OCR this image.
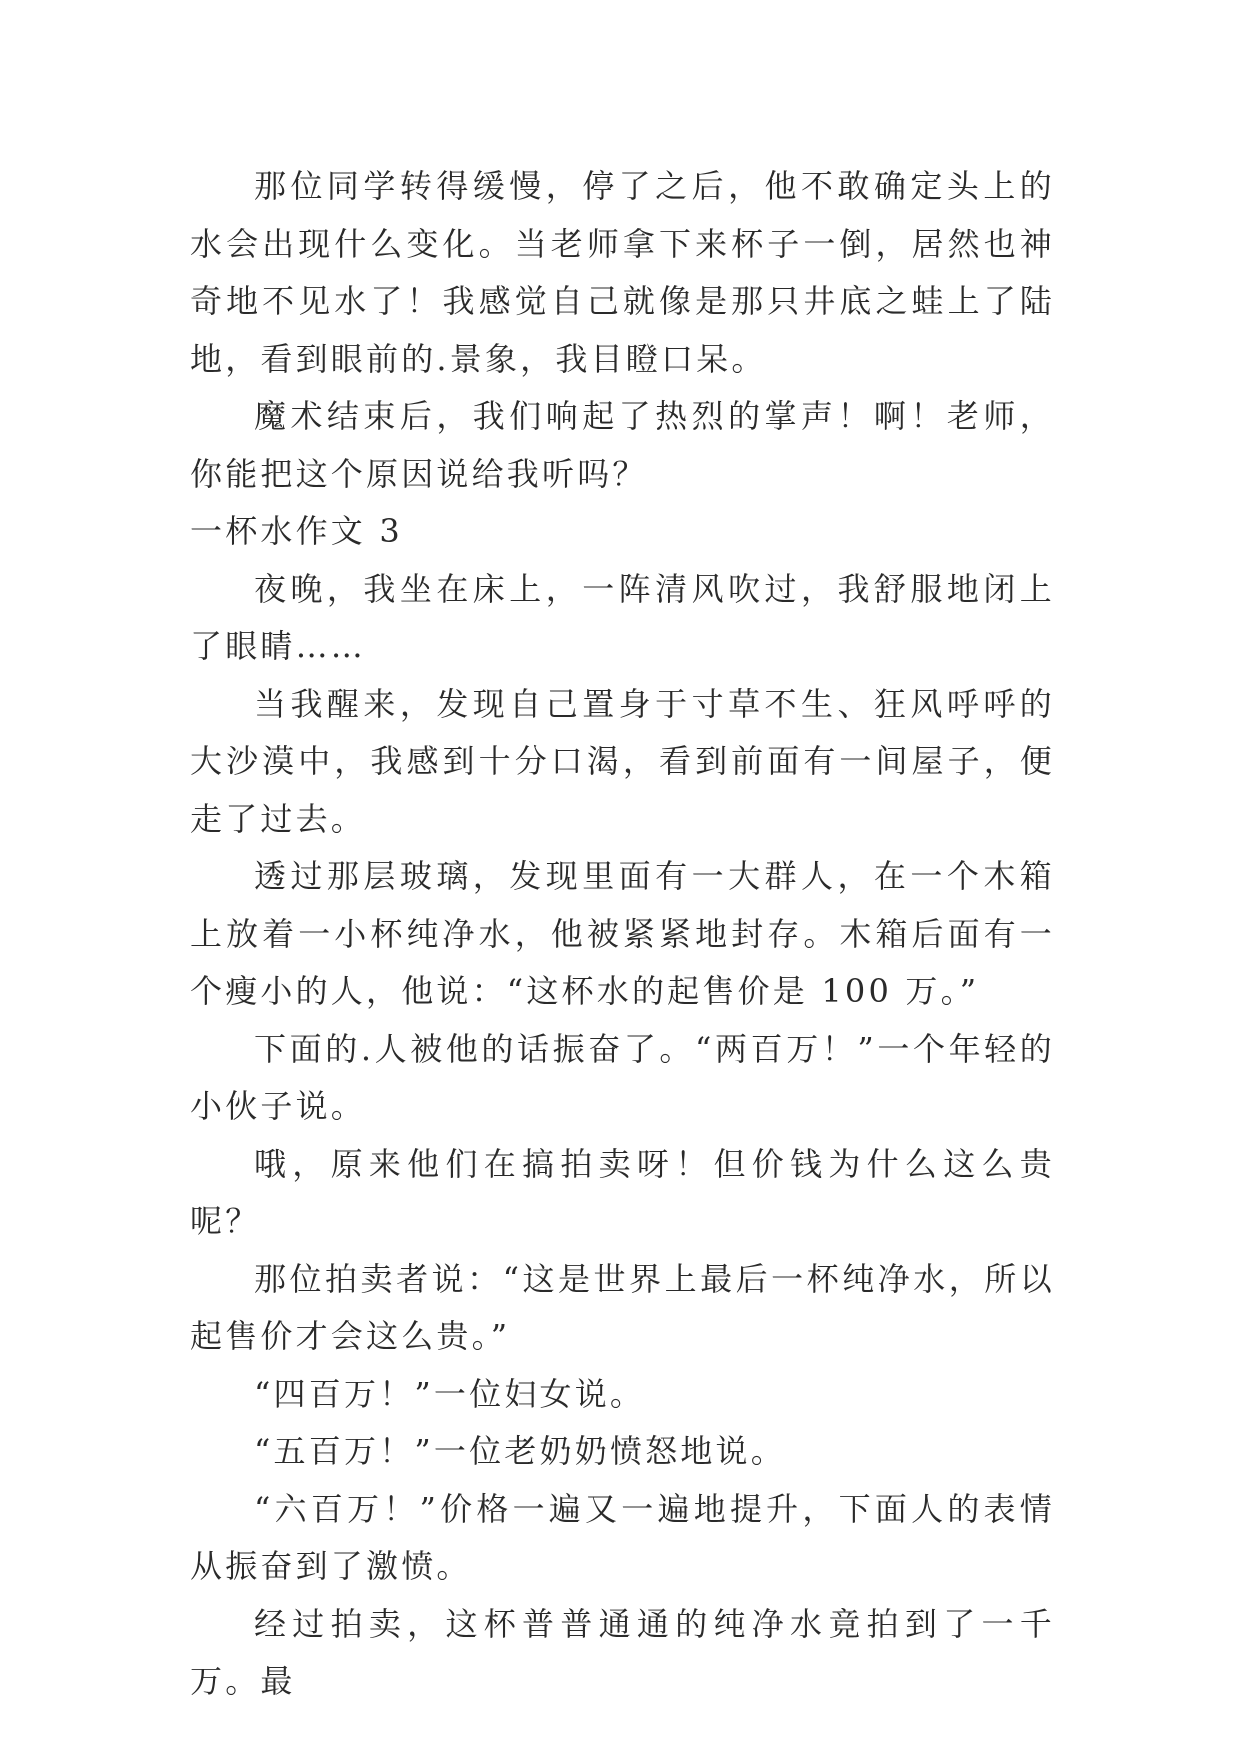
那位同学转得缓慢，停了之后，他不敢确定头上的水会出现什么变化。当老师拿下来杯子一倒，居然也神奇地不见水了！我感觉自己就像是那只井底之蛙上了陆地，看到眼前的.景象，我目瞪口呆。

魔术结束后，我们响起了热烈的掌声！啊！老师，你能把这个原因说给我听吗？

一杯水作文 3

夜晚，我坐在床上，一阵清风吹过，我舒服地闭上了眼睛……

当我醒来，发现自己置身于寸草不生、狂风呼呼的大沙漠中，我感到十分口渴，看到前面有一间屋子，便走了过去。

透过那层玻璃，发现里面有一大群人，在一个木箱上放着一小杯纯净水，他被紧紧地封存。木箱后面有一个瘦小的人，他说：“这杯水的起售价是 100 万。”

下面的.人被他的话振奋了。“两百万！”一个年轻的小伙子说。

哦，原来他们在搞拍卖呀！但价钱为什么这么贵呢？

那位拍卖者说：“这是世界上最后一杯纯净水，所以起售价才会这么贵。”

“四百万！”一位妇女说。

“五百万！”一位老奶奶愤怒地说。

“六百万！”价格一遍又一遍地提升，下面人的表情从振奋到了激愤。

经过拍卖，这杯普普通通的纯净水竟拍到了一千万。最
